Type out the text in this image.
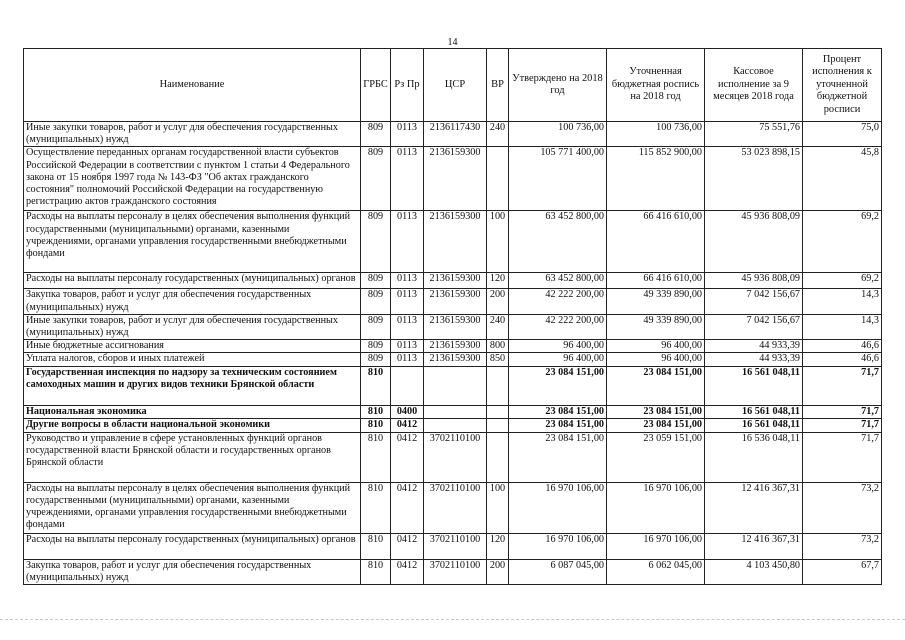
14
Наименование	ГРБС	Рз Пр	ЦСР	ВР	Утверждено на 2018 год	Уточненная бюджетная роспись на 2018 год	Кассовое исполнение за 9 месяцев 2018 года	Процент исполнения к уточненной бюджетной росписи
Иные закупки товаров, работ и услуг для обеспечения государственных (муниципальных) нужд	809	0113	2136117430	240	100 736,00	100 736,00	75 551,76	75,0
Осуществление переданных органам государственной власти субъектов Российской Федерации в соответствии с пунктом 1 статьи 4 Федерального закона от 15 ноября 1997 года № 143-ФЗ "Об актах гражданского состояния" полномочий Российской Федерации на государственную регистрацию актов гражданского состояния	809	0113	2136159300		105 771 400,00	115 852 900,00	53 023 898,15	45,8
Расходы на выплаты персоналу в целях обеспечения выполнения функций государственными (муниципальными) органами, казенными учреждениями, органами управления государственными внебюджетными фондами	809	0113	2136159300	100	63 452 800,00	66 416 610,00	45 936 808,09	69,2
Расходы на выплаты персоналу государственных (муниципальных) органов	809	0113	2136159300	120	63 452 800,00	66 416 610,00	45 936 808,09	69,2
Закупка товаров, работ и услуг для обеспечения государственных (муниципальных) нужд	809	0113	2136159300	200	42 222 200,00	49 339 890,00	7 042 156,67	14,3
Иные закупки товаров, работ и услуг для обеспечения государственных (муниципальных) нужд	809	0113	2136159300	240	42 222 200,00	49 339 890,00	7 042 156,67	14,3
Иные бюджетные ассигнования	809	0113	2136159300	800	96 400,00	96 400,00	44 933,39	46,6
Уплата налогов, сборов и иных платежей	809	0113	2136159300	850	96 400,00	96 400,00	44 933,39	46,6
Государственная инспекция по надзору за техническим состоянием самоходных машин и других видов техники Брянской области	810				23 084 151,00	23 084 151,00	16 561 048,11	71,7
Национальная экономика	810	0400			23 084 151,00	23 084 151,00	16 561 048,11	71,7
Другие вопросы в области национальной экономики	810	0412			23 084 151,00	23 084 151,00	16 561 048,11	71,7
Руководство и управление в сфере установленных функций органов государственной власти Брянской области и государственных органов Брянской области	810	0412	3702110100		23 084 151,00	23 059 151,00	16 536 048,11	71,7
Расходы на выплаты персоналу в целях обеспечения выполнения функций государственными (муниципальными) органами, казенными учреждениями, органами управления государственными внебюджетными фондами	810	0412	3702110100	100	16 970 106,00	16 970 106,00	12 416 367,31	73,2
Расходы на выплаты персоналу государственных (муниципальных) органов	810	0412	3702110100	120	16 970 106,00	16 970 106,00	12 416 367,31	73,2
Закупка товаров, работ и услуг для обеспечения государственных (муниципальных) нужд	810	0412	3702110100	200	6 087 045,00	6 062 045,00	4 103 450,80	67,7
